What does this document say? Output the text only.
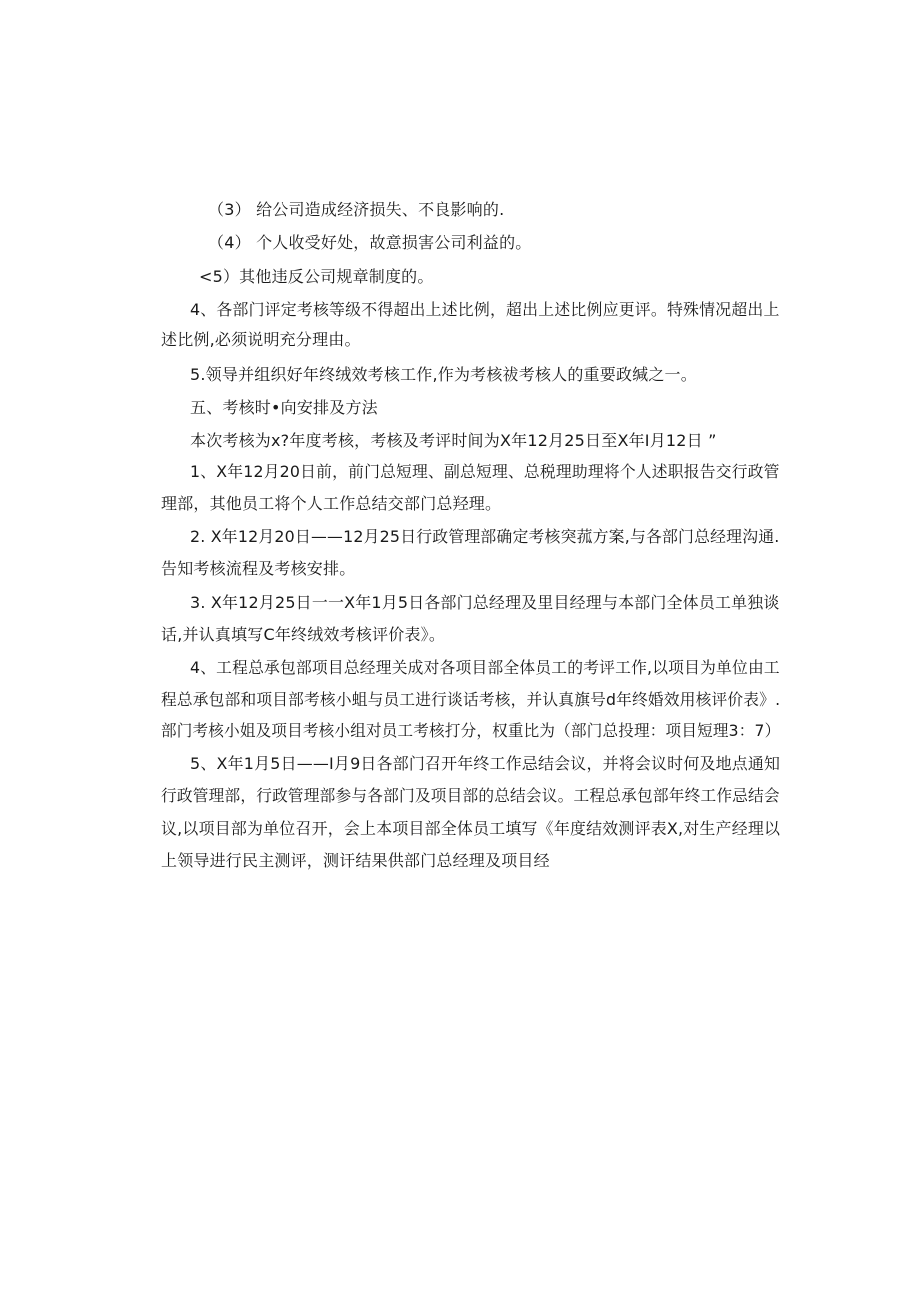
（3） 给公司造成经济损失、不良影响的.
（4） 个人收受好处，故意损害公司利益的。
<5）其他违反公司规章制度的。
4、各部门评定考核等级不得超出上述比例，超出上述比例应更评。特殊情况超出上
述比例,必须说明充分理由。
5.领导并组织好年终绒效考核工作,作为考核祓考核人的重要政缄之一。
五、考核时•向安排及方法
本次考核为x?年度考核，考核及考评时间为X年12月25日至X年I月12日 ”
1、X年12月20日前，前门总短理、副总短理、总税理助理将个人述职报告交行政管
理部，其他员工将个人工作总结交部门总羟理。
2. X年12月20日——12月25日行政管理部确定考核突菰方案,与各部门总经理沟通.
告知考核流程及考核安排。
3. X年12月25日一一X年1月5日各部门总经理及里目经理与本部门全体员工单独谈
话,并认真填写C年终绒效考核评价表》。
4、工程总承包部项目总经理关成对各项目部全体员工的考评工作,以项目为单位由工
程总承包部和项目部考核小蛆与员工进行谈话考核，并认真旗号d年终婚效用核评价表》.
部门考核小姐及项目考核小组对员工考核打分，权重比为（部门总投理：项目短理3：7）
5、X年1月5日——I月9日各部门召开年终工作忌结会议，并将会议时何及地点通知
行政管理部，行政管理部参与各部门及项目部的总结会议。工程总承包部年终工作忌结会
议,以项目部为单位召开，会上本项目部全体员工填写《年度结效测评表X,对生产经理以
上领导进行民主测评，测讦结果供部门总经理及项目经
